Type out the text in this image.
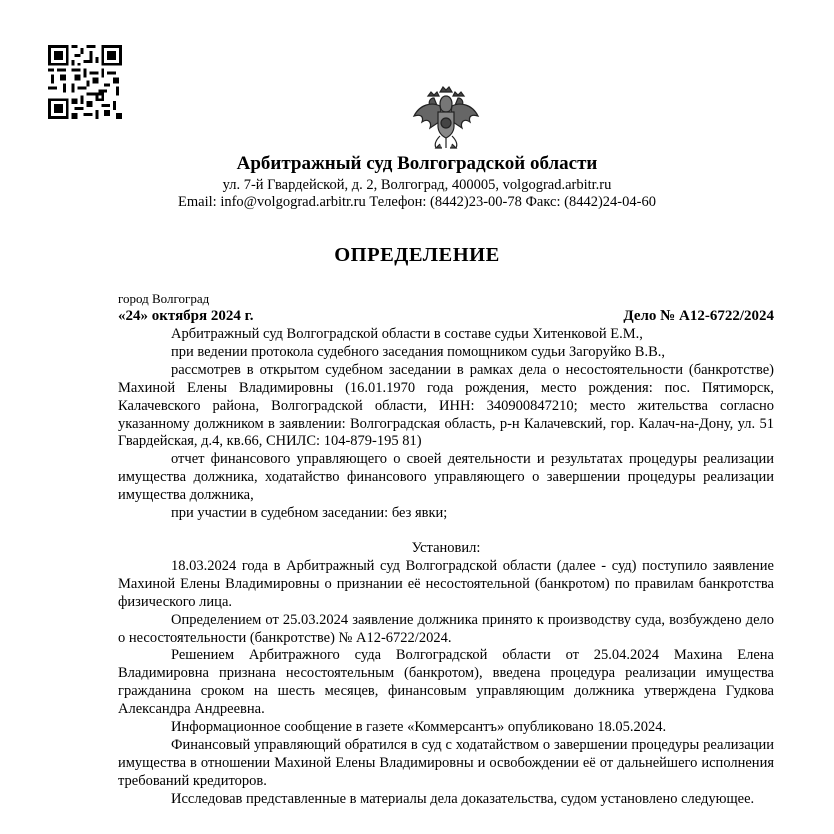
Арбитражный суд Волгоградской области
ул. 7-й Гвардейской, д. 2, Волгоград, 400005, volgograd.arbitr.ru
Email: info@volgograd.arbitr.ru Телефон: (8442)23-00-78 Факс: (8442)24-04-60
ОПРЕДЕЛЕНИЕ
город Волгоград
«24» октября 2024 г.	Дело № А12-6722/2024

Арбитражный суд Волгоградской области в составе судьи Хитенковой Е.М.,

при ведении протокола судебного заседания помощником судьи Загоруйко В.В.,

рассмотрев в открытом судебном заседании в рамках дела о несостоятельности (банкротстве) Махиной Елены Владимировны (16.01.1970 года рождения, место рождения: пос. Пятиморск, Калачевского района, Волгоградской области, ИНН: 340900847210; место жительства согласно указанному должником в заявлении: Волгоградская область, р-н Калачевский, гор. Калач-на-Дону, ул. 51 Гвардейская, д.4, кв.66, СНИЛС: 104-879-195 81)

отчет финансового управляющего о своей деятельности и результатах процедуры реализации имущества должника, ходатайство финансового управляющего о завершении процедуры реализации имущества должника,

при участии в судебном заседании: без явки;

Установил:

18.03.2024 года в Арбитражный суд Волгоградской области (далее - суд) поступило заявление Махиной Елены Владимировны о признании её несостоятельной (банкротом) по правилам банкротства физического лица.

Определением от 25.03.2024 заявление должника принято к производству суда, возбуждено дело о несостоятельности (банкротстве) № А12-6722/2024.

Решением Арбитражного суда Волгоградской области от 25.04.2024 Махина Елена Владимировна признана несостоятельным (банкротом), введена процедура реализации имущества гражданина сроком на шесть месяцев, финансовым управляющим должника утверждена Гудкова Александра Андреевна.

Информационное сообщение в газете «Коммерсантъ» опубликовано 18.05.2024.

Финансовый управляющий обратился в суд с ходатайством о завершении процедуры реализации имущества в отношении Махиной Елены Владимировны и освобождении её от дальнейшего исполнения требований кредиторов.

Исследовав представленные в материалы дела доказательства, судом установлено следующее.
